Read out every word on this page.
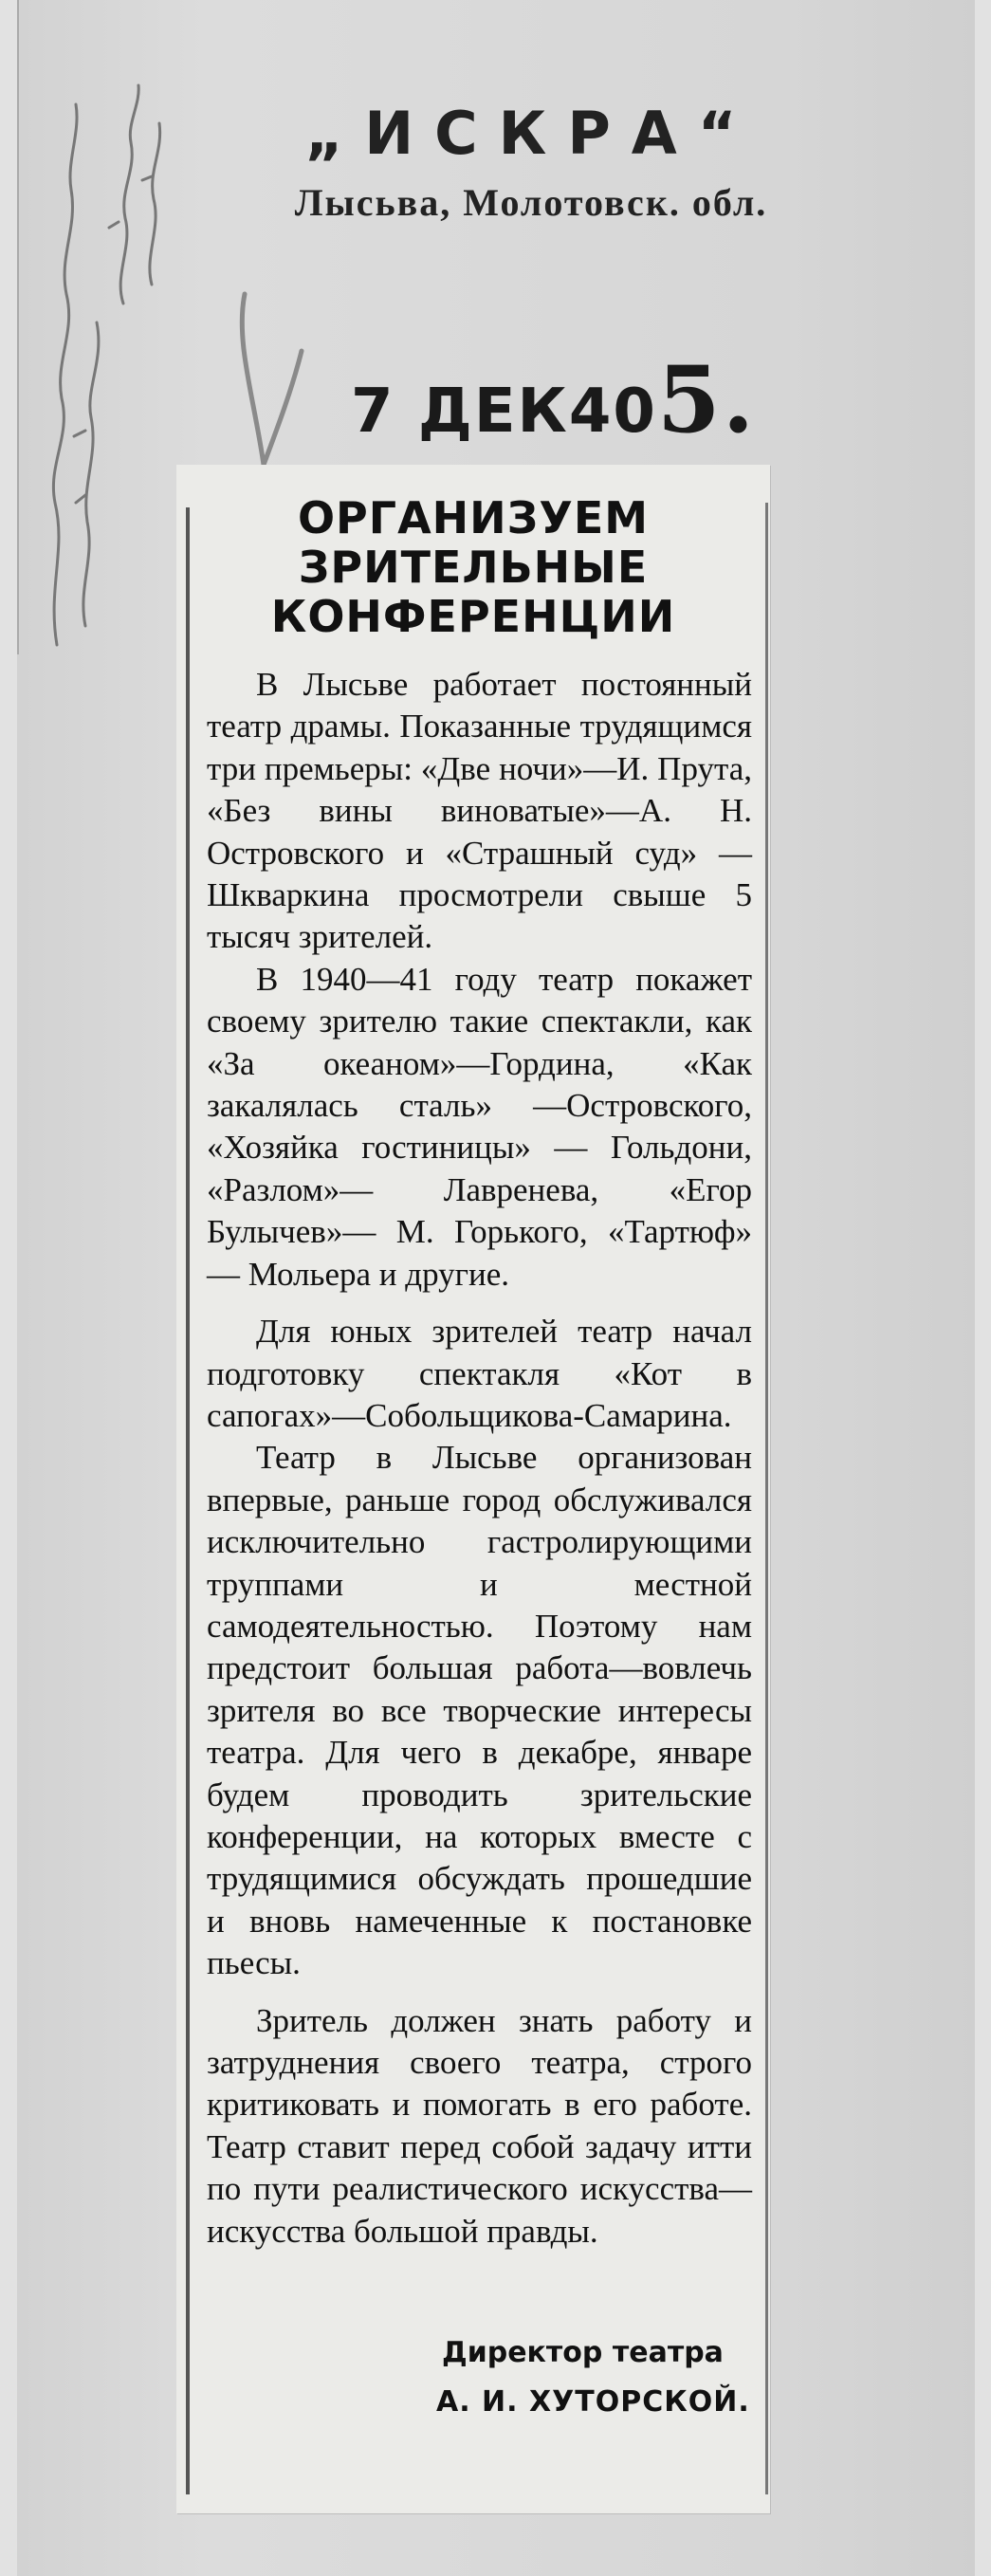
„ИСКРА“
Лысьва, Молотовск. обл.
7 ДЕК405.
ОРГАНИЗУЕМ
ЗРИТЕЛЬНЫЕ
КОНФЕРЕНЦИИ

В Лысьве работает постоянный театр драмы. Показанные трудящимся три премьеры: «Две ночи»—И. Прута, «Без вины виноватые»—А. Н. Островского и «Страшный суд» — Шкваркина просмотрели свыше 5 тысяч зрителей.

В 1940—41 году театр покажет своему зрителю такие спектакли, как «За океаном»—Гордина, «Как закалялась сталь» —Островского, «Хозяйка гостиницы» — Гольдони, «Разлом»— Лавренева, «Егор Булычев»— М. Горького, «Тартюф» — Мольера и другие.

Для юных зрителей театр начал подготовку спектакля «Кот в сапогах»—Собольщикова-Самарина.

Театр в Лысьве организован впервые, раньше город обслуживался исключительно гастролирующими труппами и местной самодеятельностью. Поэтому нам предстоит большая работа—вовлечь зрителя во все творческие интересы театра. Для чего в декабре, январе будем проводить зрительские конференции, на которых вместе с трудящимися обсуждать прошедшие и вновь намеченные к постановке пьесы.

Зритель должен знать работу и затруднения своего театра, строго критиковать и помогать в его работе. Театр ставит перед собой задачу итти по пути реалистического искусства—искусства большой правды.

Директор театра
А. И. ХУТОРСКОЙ.
